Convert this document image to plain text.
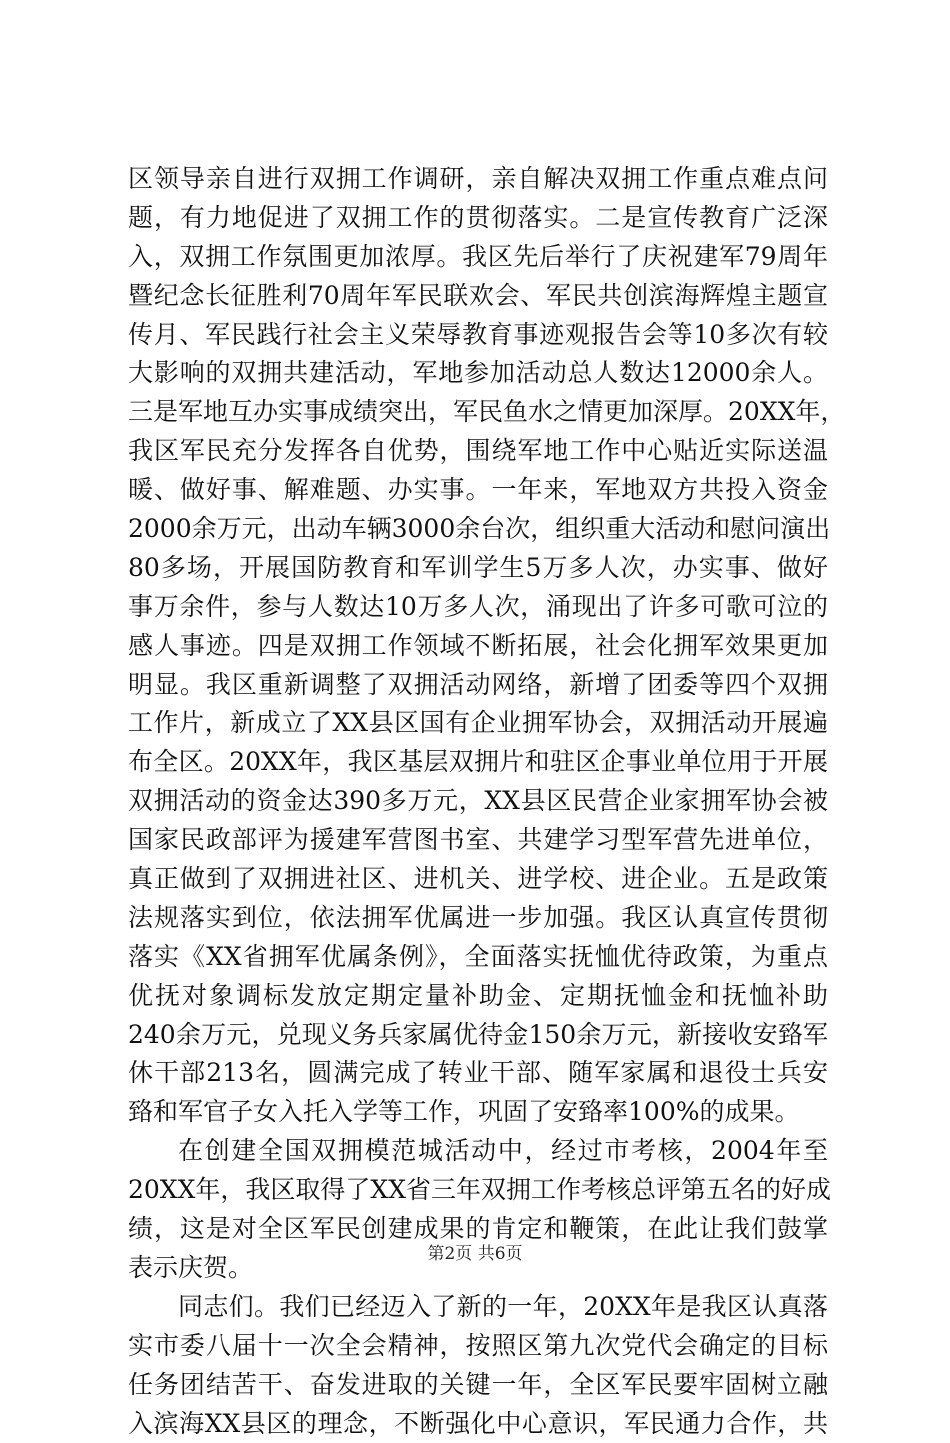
区领导亲自进行双拥工作调研，亲自解决双拥工作重点难点问
题，有力地促进了双拥工作的贯彻落实。二是宣传教育广泛深
入，双拥工作氛围更加浓厚。我区先后举行了庆祝建军79周年
暨纪念长征胜利70周年军民联欢会、军民共创滨海辉煌主题宣
传月、军民践行社会主义荣辱教育事迹观报告会等10多次有较
大影响的双拥共建活动，军地参加活动总人数达12000余人。
三是军地互办实事成绩突出，军民鱼水之情更加深厚。20XX年，
我区军民充分发挥各自优势，围绕军地工作中心贴近实际送温
暖、做好事、解难题、办实事。一年来，军地双方共投入资金
2000余万元，出动车辆3000余台次，组织重大活动和慰问演出
80多场，开展国防教育和军训学生5万多人次，办实事、做好
事万余件，参与人数达10万多人次，涌现出了许多可歌可泣的
感人事迹。四是双拥工作领域不断拓展，社会化拥军效果更加
明显。我区重新调整了双拥活动网络，新增了团委等四个双拥
工作片，新成立了XX县区国有企业拥军协会，双拥活动开展遍
布全区。20XX年，我区基层双拥片和驻区企事业单位用于开展
双拥活动的资金达390多万元，XX县区民营企业家拥军协会被
国家民政部评为援建军营图书室、共建学习型军营先进单位，
真正做到了双拥进社区、进机关、进学校、进企业。五是政策
法规落实到位，依法拥军优属进一步加强。我区认真宣传贯彻
落实《XX省拥军优属条例》，全面落实抚恤优待政策，为重点
优抚对象调标发放定期定量补助金、定期抚恤金和抚恤补助
240余万元，兑现义务兵家属优待金150余万元，新接收安臵军
休干部213名，圆满完成了转业干部、随军家属和退役士兵安
臵和军官子女入托入学等工作，巩固了安臵率100%的成果。
在创建全国双拥模范城活动中，经过市考核，2004年至
20XX年，我区取得了XX省三年双拥工作考核总评第五名的好成
绩，这是对全区军民创建成果的肯定和鞭策，在此让我们鼓掌
表示庆贺。
同志们。我们已经迈入了新的一年，20XX年是我区认真落
实市委八届十一次全会精神，按照区第九次党代会确定的目标
任务团结苦干、奋发进取的关键一年，全区军民要牢固树立融
入滨海XX县区的理念，不断强化中心意识，军民通力合作，共
第2页 共6页
